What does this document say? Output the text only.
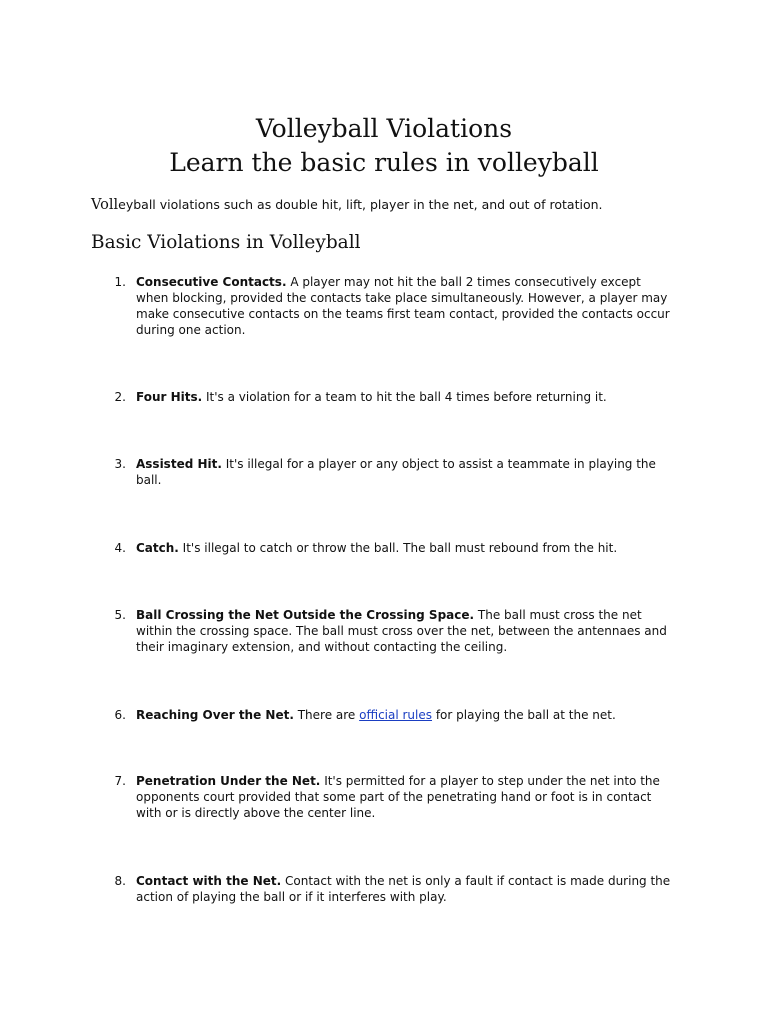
Volleyball Violations
Learn the basic rules in volleyball

Volleyball violations such as double hit, lift, player in the net, and out of rotation.

Basic Violations in Volleyball
1. Consecutive Contacts. A player may not hit the ball 2 times consecutively except when blocking, provided the contacts take place simultaneously. However, a player may make consecutive contacts on the teams first team contact, provided the contacts occur during one action.
2. Four Hits. It's a violation for a team to hit the ball 4 times before returning it.
3. Assisted Hit. It's illegal for a player or any object to assist a teammate in playing the ball.
4. Catch. It's illegal to catch or throw the ball. The ball must rebound from the hit.
5. Ball Crossing the Net Outside the Crossing Space. The ball must cross the net within the crossing space. The ball must cross over the net, between the antennaes and their imaginary extension, and without contacting the ceiling.
6. Reaching Over the Net. There are official rules for playing the ball at the net.
7. Penetration Under the Net. It's permitted for a player to step under the net into the opponents court provided that some part of the penetrating hand or foot is in contact with or is directly above the center line.
8. Contact with the Net. Contact with the net is only a fault if contact is made during the action of playing the ball or if it interferes with play.
